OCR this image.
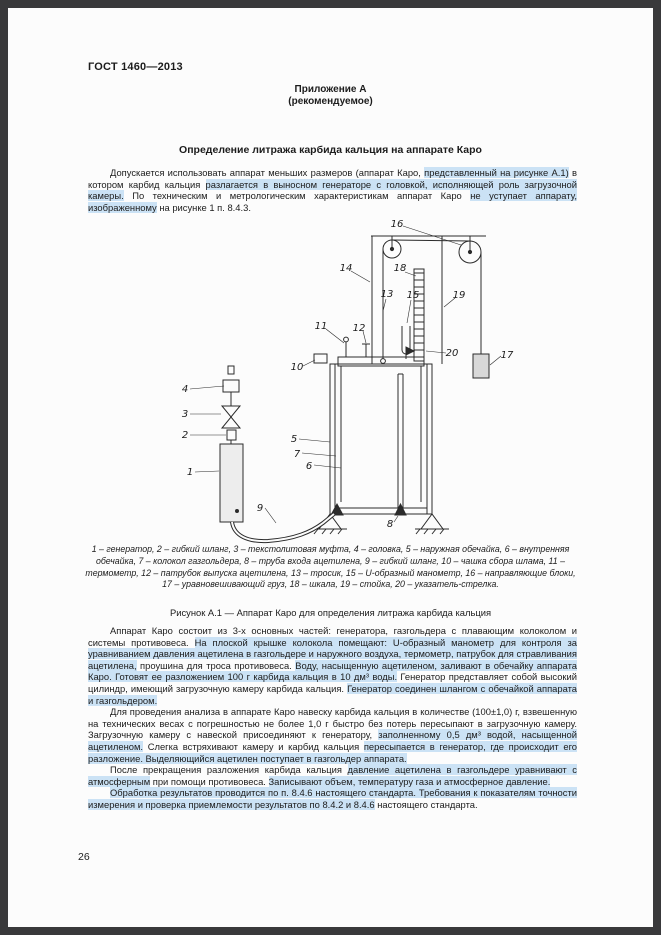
ГОСТ 1460—2013
Приложение А
(рекомендуемое)
Определение литража карбида кальция на аппарате Каро

Допускается использовать аппарат меньших размеров (аппарат Каро, представленный на рисунке А.1) в котором карбид кальция разлагается в выносном генераторе с головкой, исполняющей роль загрузочной камеры. По техническим и метрологическим характеристикам аппарат Каро не уступает аппарату, изображенному на рисунке 1 п. 8.4.3.

1
2
3
4
5
6
7
8
9
10
11	12
13
14
15
16
17
18
19
20
1 – генератор, 2 – гибкий шланг, 3 – текстолитовая муфта, 4 – головка, 5 – наружная обечайка, 6 – внутренняя обечайка, 7 – колокол газгольдера, 8 – труба входа ацетилена, 9 – гибкий шланг, 10 – чашка сбора шлама, 11 – термометр, 12 – патрубок выпуска ацетилена, 13 – тросик, 15 – U-образный манометр, 16 – направляющие блоки, 17 – уравновешивающий груз, 18 – шкала, 19 – стойка, 20 – указатель-стрелка.
Рисунок А.1 — Аппарат Каро для определения литража карбида кальция

Аппарат Каро состоит из 3-х основных частей: генератора, газгольдера с плавающим колоколом и системы противовеса. На плоской крышке колокола помещают: U-образный манометр для контроля за уравниванием давления ацетилена в газгольдере и наружного воздуха, термометр, патрубок для стравливания ацетилена, проушина для троса противовеса. Воду, насыщенную ацетиленом, заливают в обечайку аппарата Каро. Готовят ее разложением 100 г карбида кальция в 10 дм³ воды. Генератор представляет собой высокий цилиндр, имеющий загрузочную камеру карбида кальция. Генератор соединен шлангом с обечайкой аппарата и газгольдером.

Для проведения анализа в аппарате Каро навеску карбида кальция в количестве (100±1,0) г, взвешенную на технических весах с погрешностью не более 1,0 г быстро без потерь пересыпают в загрузочную камеру. Загрузочную камеру с навеской присоединяют к генератору, заполненному 0,5 дм³ водой, насыщенной ацетиленом. Слегка встряхивают камеру и карбид кальция пересыпается в генератор, где происходит его разложение. Выделяющийся ацетилен поступает в газгольдер аппарата.

После прекращения разложения карбида кальция давление ацетилена в газгольдере уравнивают с атмосферным при помощи противовеса. Записывают объем, температуру газа и атмосферное давление.

Обработка результатов проводится по п. 8.4.6 настоящего стандарта. Требования к показателям точности измерения и проверка приемлемости результатов по 8.4.2 и 8.4.6 настоящего стандарта.

26
